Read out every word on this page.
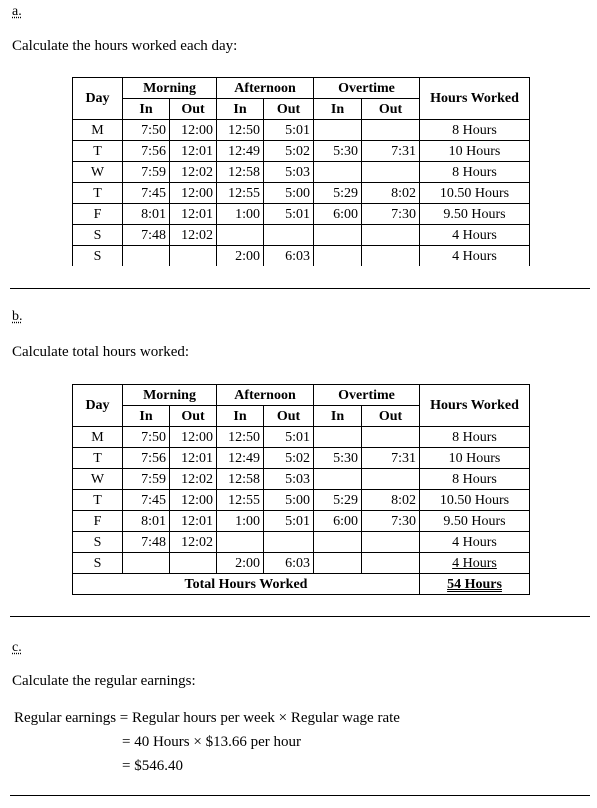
a.
Calculate the hours worked each day:
Day	Morning		Afternoon		Overtime		Hours Worked
	In	Out	In	Out	In	Out	
M	7:50	12:00	12:50	5:01			8 Hours
T	7:56	12:01	12:49	5:02	5:30	7:31	10 Hours
W	7:59	12:02	12:58	5:03			8 Hours
T	7:45	12:00	12:55	5:00	5:29	8:02	10.50 Hours
F	8:01	12:01	1:00	5:01	6:00	7:30	9.50 Hours
S	7:48	12:02					4 Hours
S			2:00	6:03			4 Hours
b.
Calculate total hours worked:
Day	Morning		Afternoon		Overtime		Hours Worked
	In	Out	In	Out	In	Out	
M	7:50	12:00	12:50	5:01			8 Hours
T	7:56	12:01	12:49	5:02	5:30	7:31	10 Hours
W	7:59	12:02	12:58	5:03			8 Hours
T	7:45	12:00	12:55	5:00	5:29	8:02	10.50 Hours
F	8:01	12:01	1:00	5:01	6:00	7:30	9.50 Hours
S	7:48	12:02					4 Hours
S			2:00	6:03			4 Hours
Total Hours Worked							54 Hours
c.
Calculate the regular earnings:
Regular earnings = Regular hours per week × Regular wage rate
= 40 Hours × $13.66 per hour
= $546.40
